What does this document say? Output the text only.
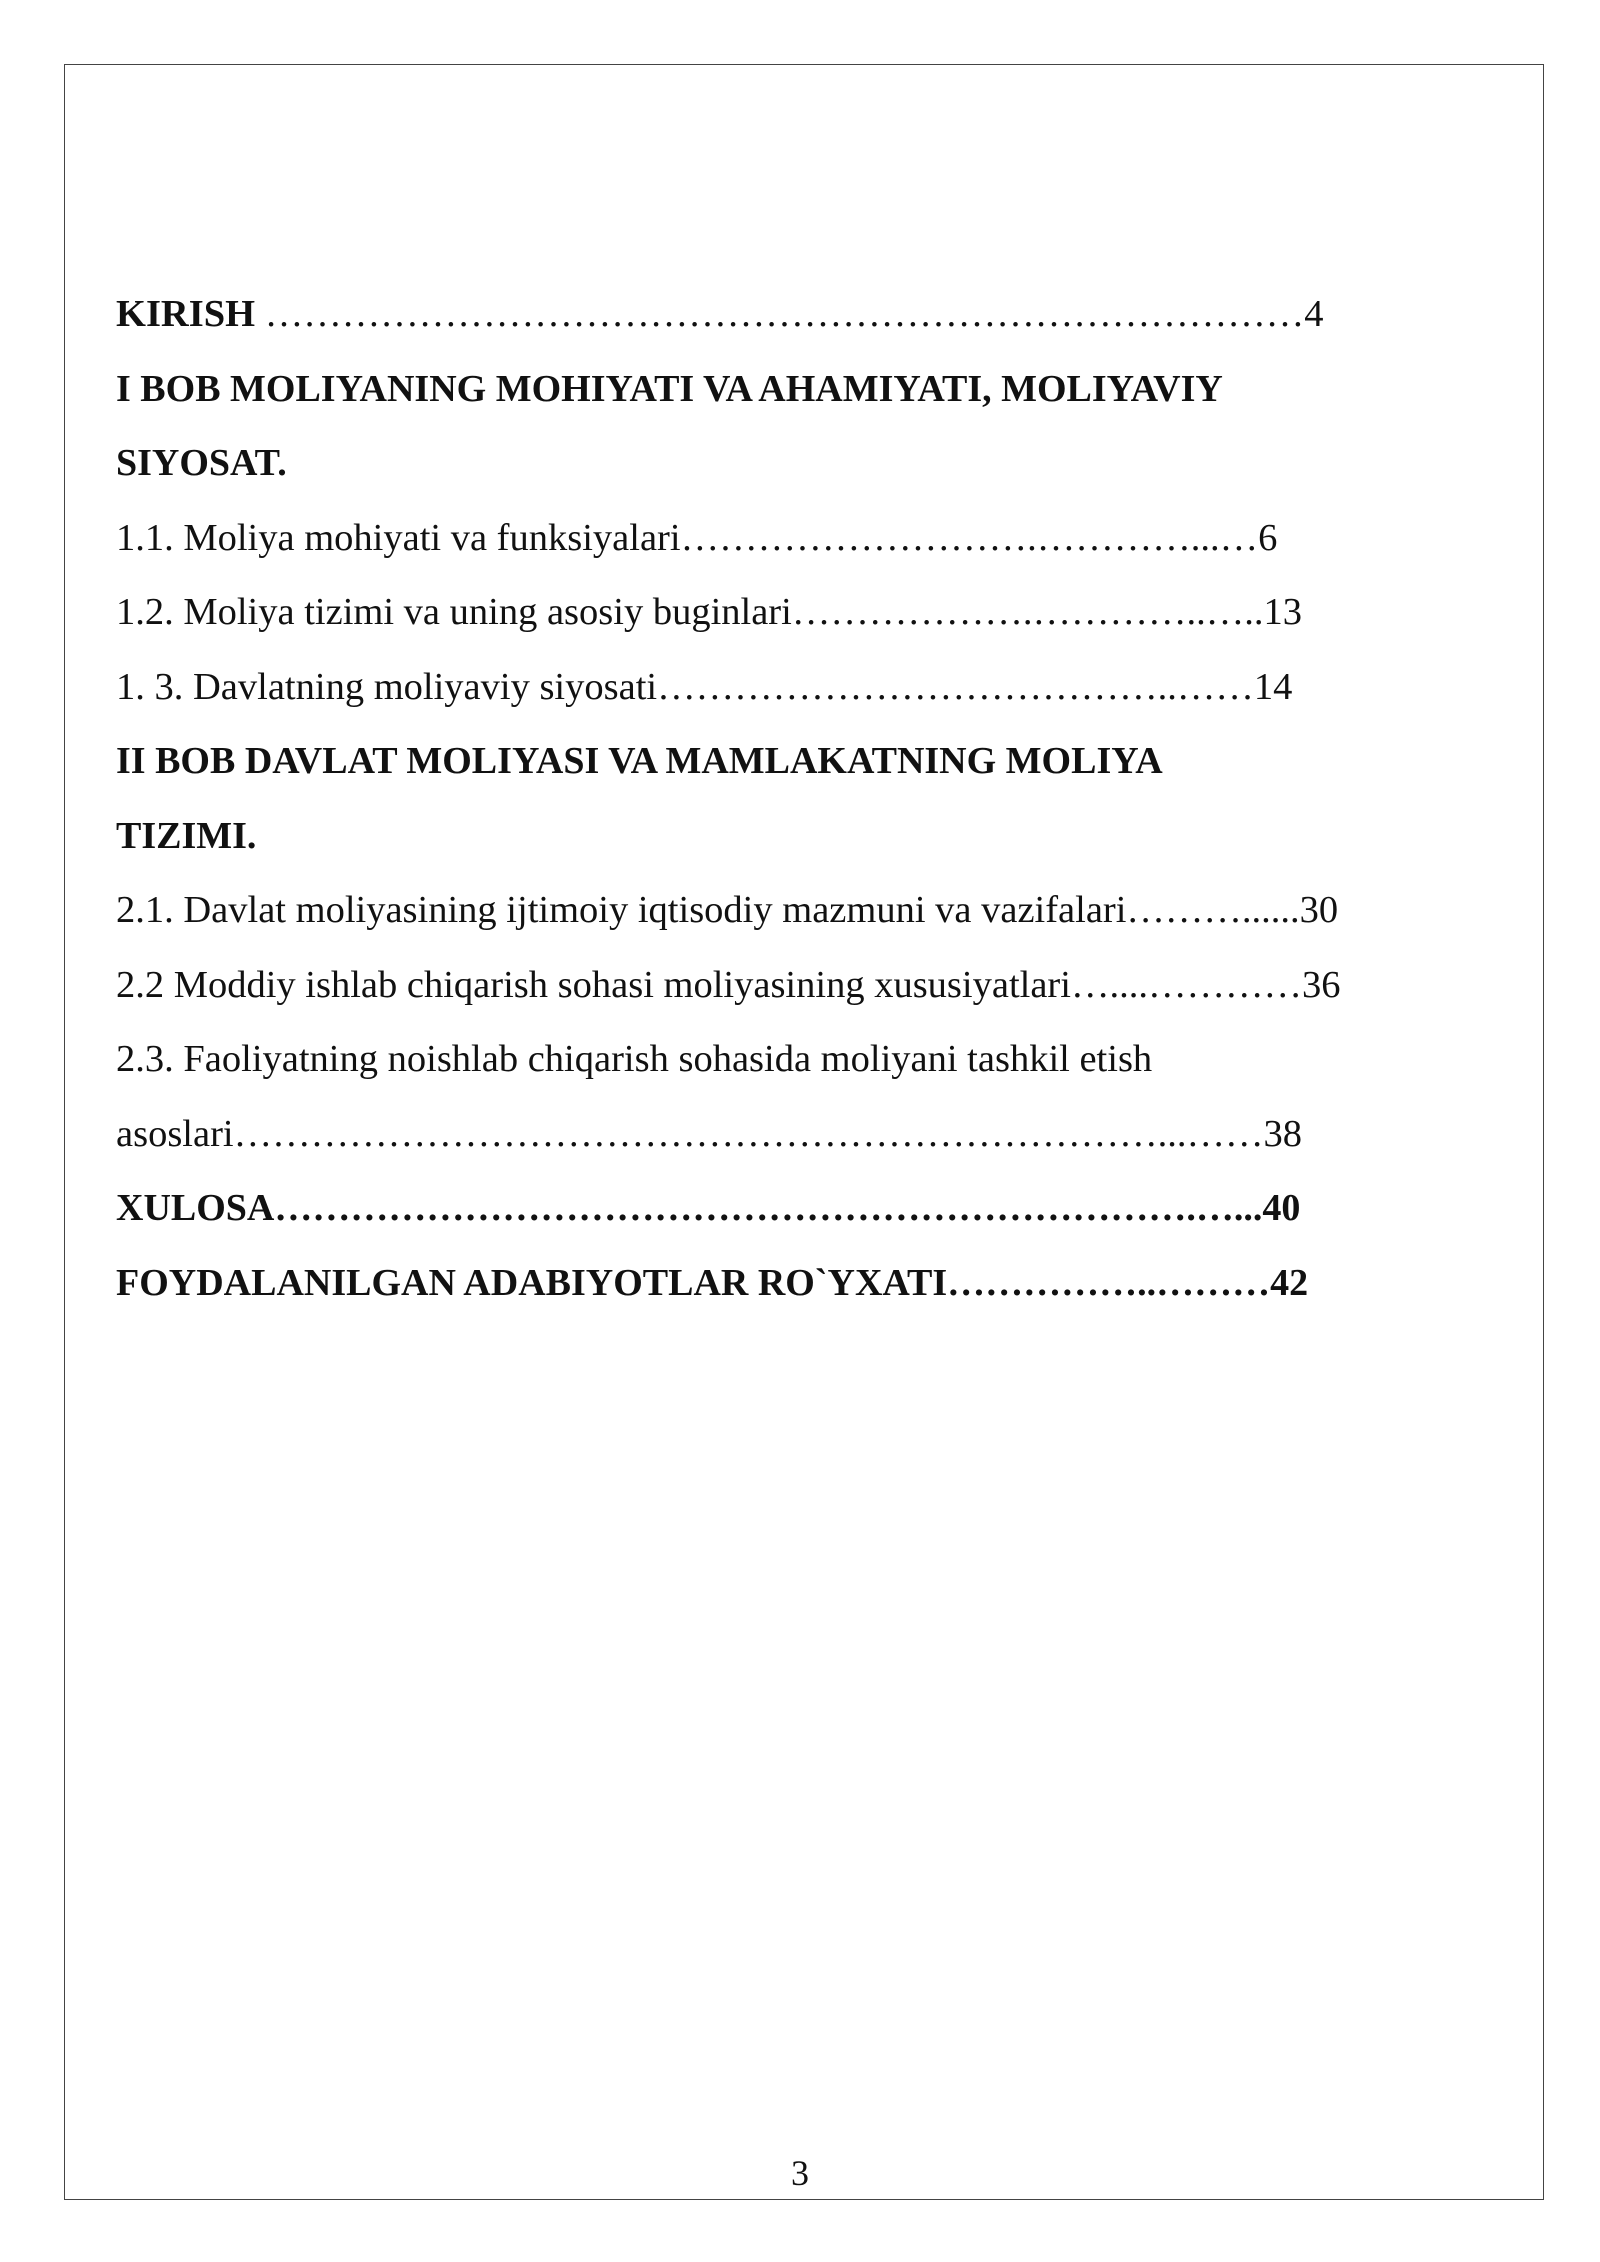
KIRISH ………………………………………………………………………4
I BOB MOLIYANING MOHIYATI VA AHAMIYATI, MOLIYAVIY
SIYOSAT.
1.1. Moliya mohiyati va funksiyalari……………………….…………...…6
1.2. Moliya tizimi va uning asosiy buginlari……………….…………..…..13
1. 3. Davlatning moliyaviy siyosati…………………………………..……14
II BOB DAVLAT MOLIYASI VA MAMLAKATNING MOLIYA
TIZIMI.
2.1. Davlat moliyasining ijtimoiy iqtisodiy mazmuni va vazifalari………......30
2.2 Moddiy ishlab chiqarish sohasi moliyasining xususiyatlari…....…………36
2.3. Faoliyatning noishlab chiqarish sohasida moliyani tashkil etish
asoslari………………………………………………………………...……38
XULOSA……………………………………………………………….…...40
FOYDALANILGAN ADABIYOTLAR RO`YXATI……………..………42
3
